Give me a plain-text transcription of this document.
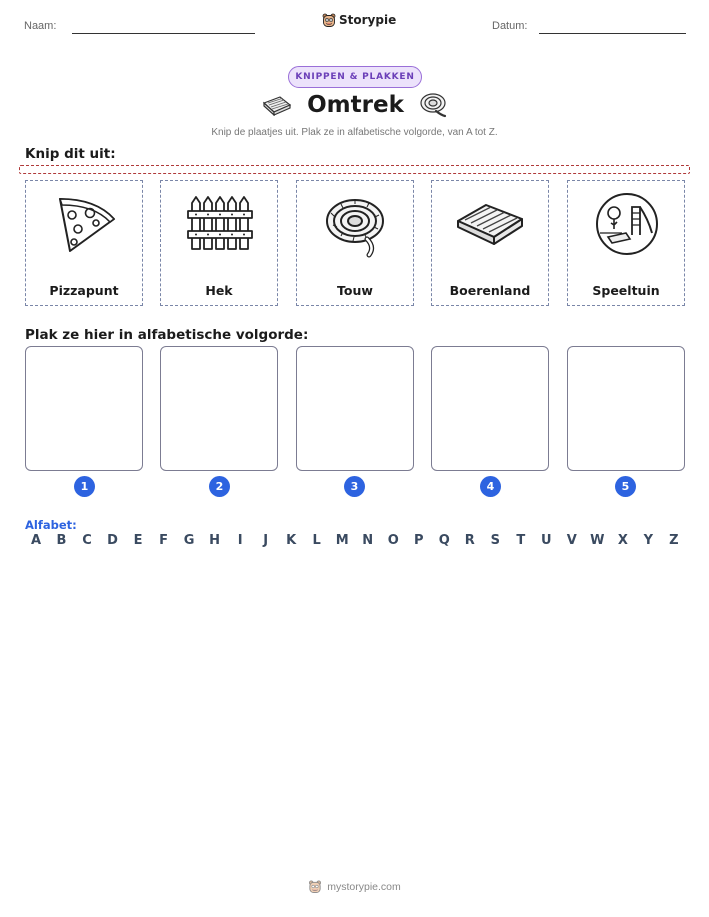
Naam:	Storypie	Datum:
KNIPPEN & PLAKKEN
Omtrek
Knip de plaatjes uit. Plak ze in alfabetische volgorde, van A tot Z.
Knip dit uit:
Pizzapunt	Hek	Touw	Boerenland	Speeltuin
Plak ze hier in alfabetische volgorde:
1	2	3	4	5
Alfabet:
A	B	C	D	E	F	G	H	I	J	K	L	M	N	O	P	Q	R	S	T	U	V	W	X	Y	Z
mystorypie.com
